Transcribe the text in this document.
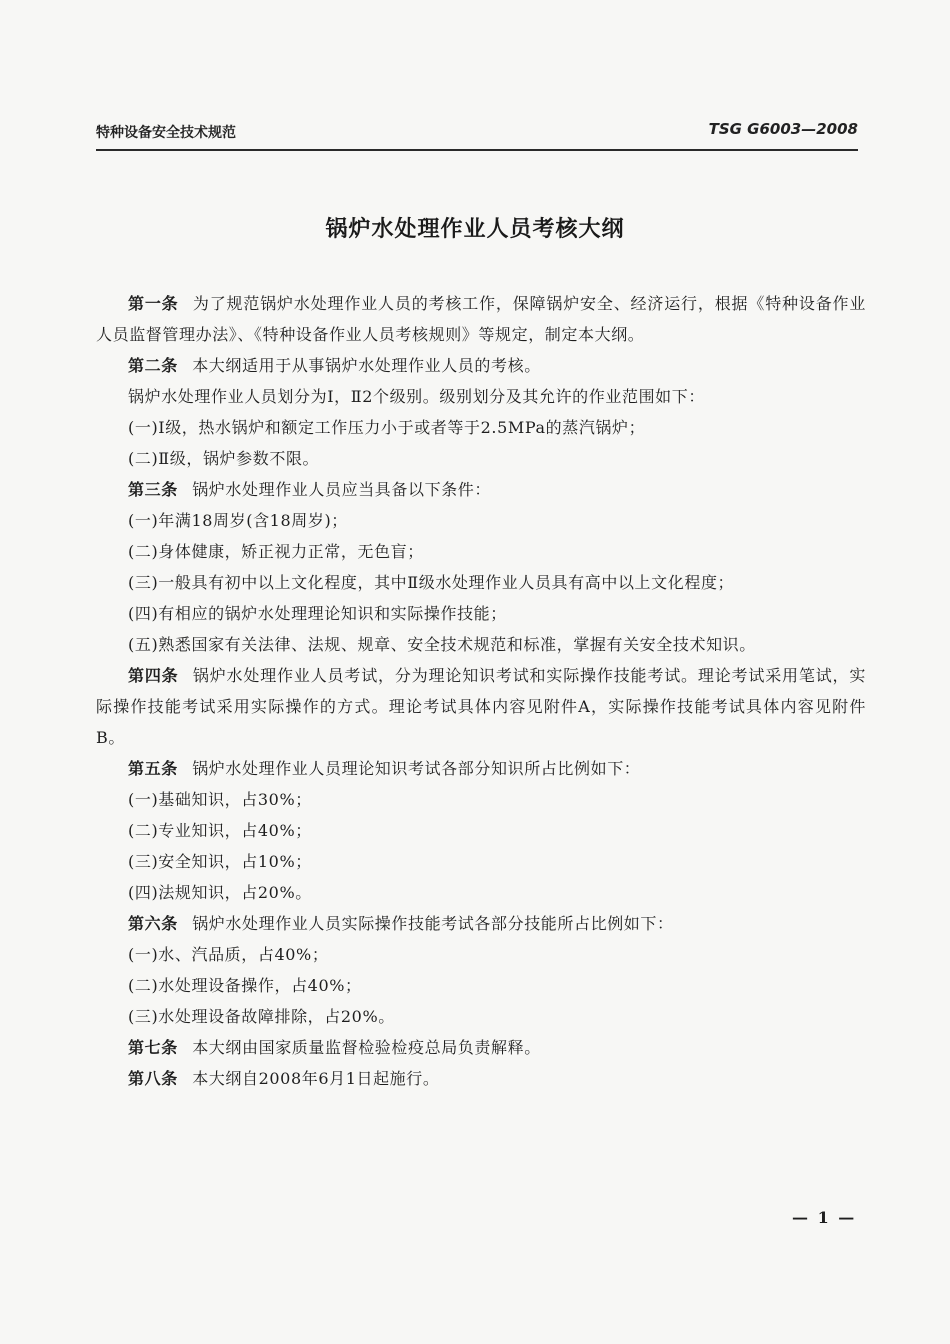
特种设备安全技术规范	TSG G6003—2008
锅炉水处理作业人员考核大纲

第一条 为了规范锅炉水处理作业人员的考核工作，保障锅炉安全、经济运行，根据《特种设备作业人员监督管理办法》、《特种设备作业人员考核规则》等规定，制定本大纲。

第二条 本大纲适用于从事锅炉水处理作业人员的考核。

锅炉水处理作业人员划分为Ⅰ，Ⅱ2个级别。级别划分及其允许的作业范围如下：

(一)Ⅰ级，热水锅炉和额定工作压力小于或者等于2.5MPa的蒸汽锅炉；

(二)Ⅱ级，锅炉参数不限。

第三条 锅炉水处理作业人员应当具备以下条件：

(一)年满18周岁(含18周岁)；

(二)身体健康，矫正视力正常，无色盲；

(三)一般具有初中以上文化程度，其中Ⅱ级水处理作业人员具有高中以上文化程度；

(四)有相应的锅炉水处理理论知识和实际操作技能；

(五)熟悉国家有关法律、法规、规章、安全技术规范和标准，掌握有关安全技术知识。

第四条 锅炉水处理作业人员考试，分为理论知识考试和实际操作技能考试。理论考试采用笔试，实际操作技能考试采用实际操作的方式。理论考试具体内容见附件A，实际操作技能考试具体内容见附件B。

第五条 锅炉水处理作业人员理论知识考试各部分知识所占比例如下：

(一)基础知识，占30%；

(二)专业知识，占40%；

(三)安全知识，占10%；

(四)法规知识，占20%。

第六条 锅炉水处理作业人员实际操作技能考试各部分技能所占比例如下：

(一)水、汽品质，占40%；

(二)水处理设备操作，占40%；

(三)水处理设备故障排除，占20%。

第七条 本大纲由国家质量监督检验检疫总局负责解释。

第八条 本大纲自2008年6月1日起施行。

— 1 —
